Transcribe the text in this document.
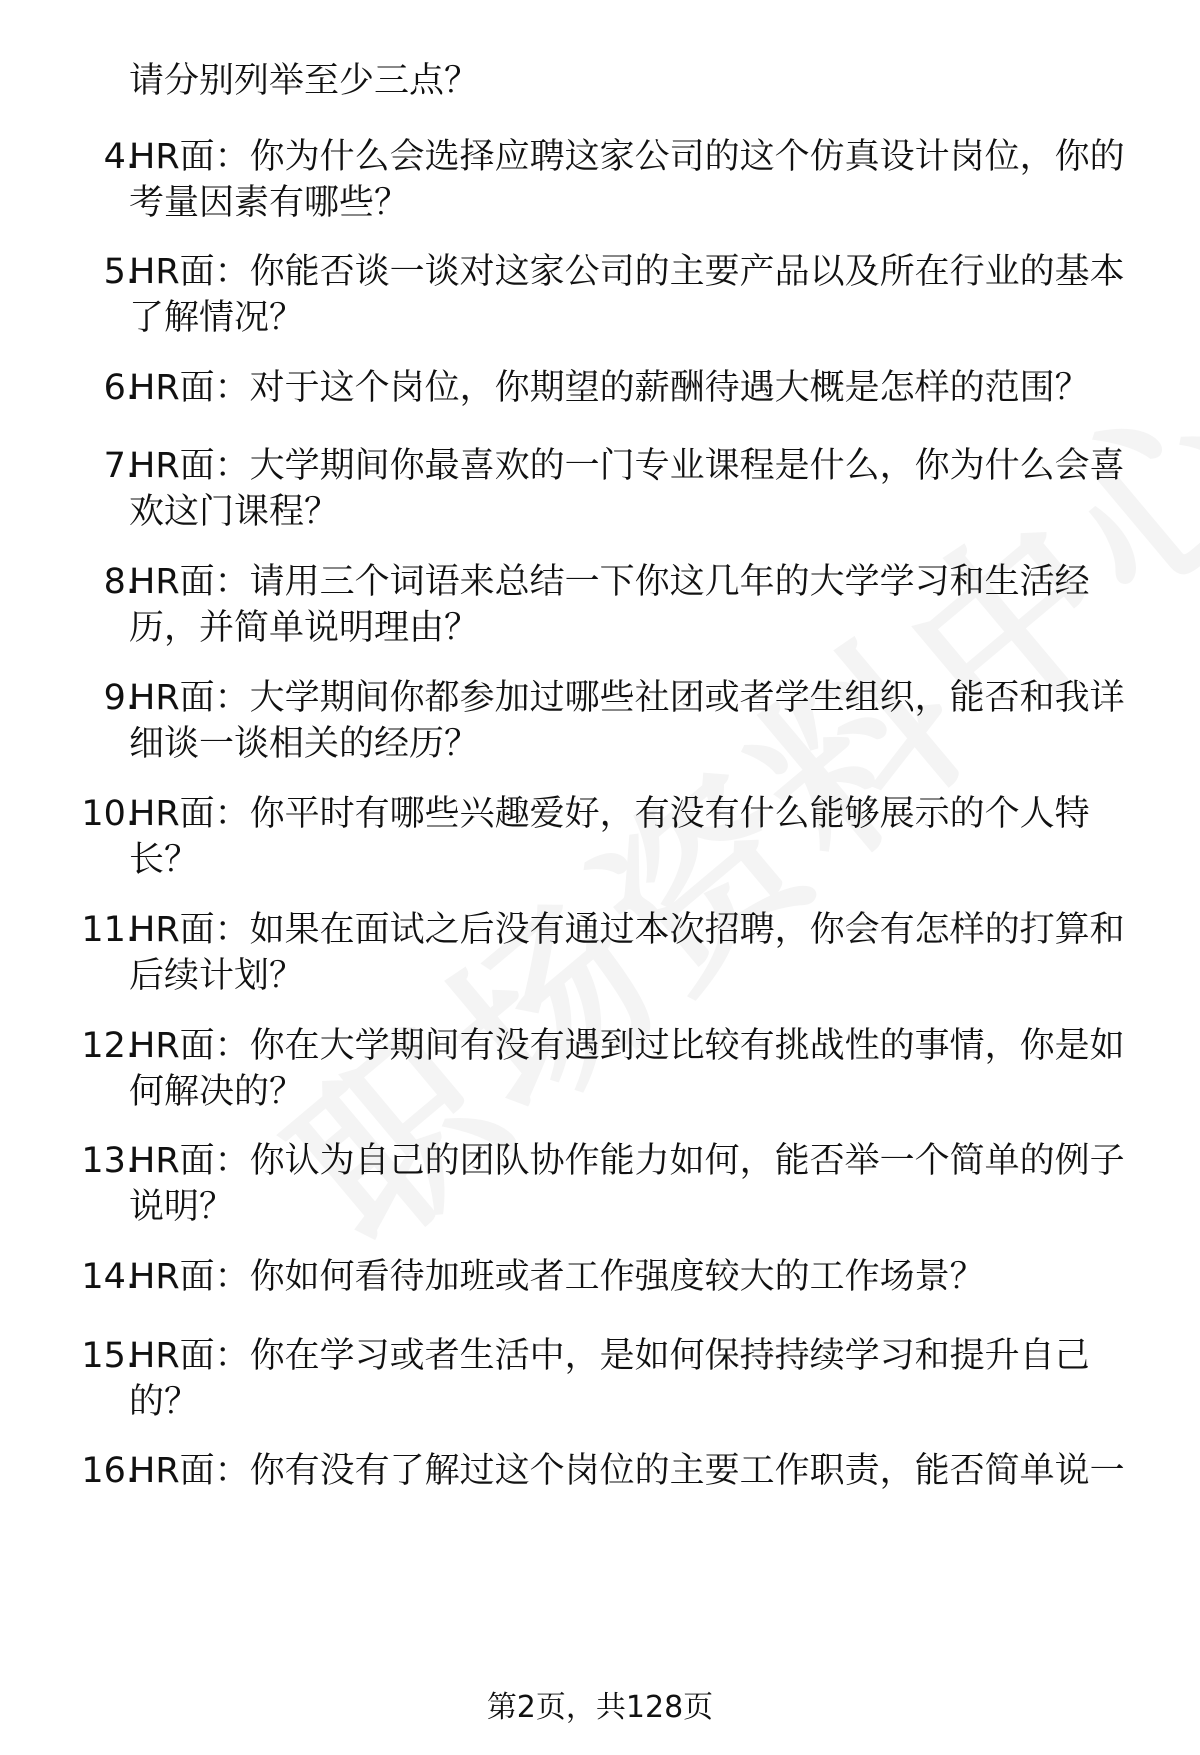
请分别列举至少三点？
4.
HR面：你为什么会选择应聘这家公司的这个仿真设计岗位，你的考量因素有哪些？
5.
HR面：你能否谈一谈对这家公司的主要产品以及所在行业的基本了解情况？
6.
HR面：对于这个岗位，你期望的薪酬待遇大概是怎样的范围？
7.
HR面：大学期间你最喜欢的一门专业课程是什么，你为什么会喜欢这门课程？
8.
HR面：请用三个词语来总结一下你这几年的大学学习和生活经历，并简单说明理由？
9.
HR面：大学期间你都参加过哪些社团或者学生组织，能否和我详细谈一谈相关的经历？
10.
HR面：你平时有哪些兴趣爱好，有没有什么能够展示的个人特长？
11.
HR面：如果在面试之后没有通过本次招聘，你会有怎样的打算和后续计划？
12.
HR面：你在大学期间有没有遇到过比较有挑战性的事情，你是如何解决的？
13.
HR面：你认为自己的团队协作能力如何，能否举一个简单的例子说明？
14.
HR面：你如何看待加班或者工作强度较大的工作场景？
15.
HR面：你在学习或者生活中，是如何保持持续学习和提升自己的？
16.
HR面：你有没有了解过这个岗位的主要工作职责，能否简单说一
第2页，共128页
